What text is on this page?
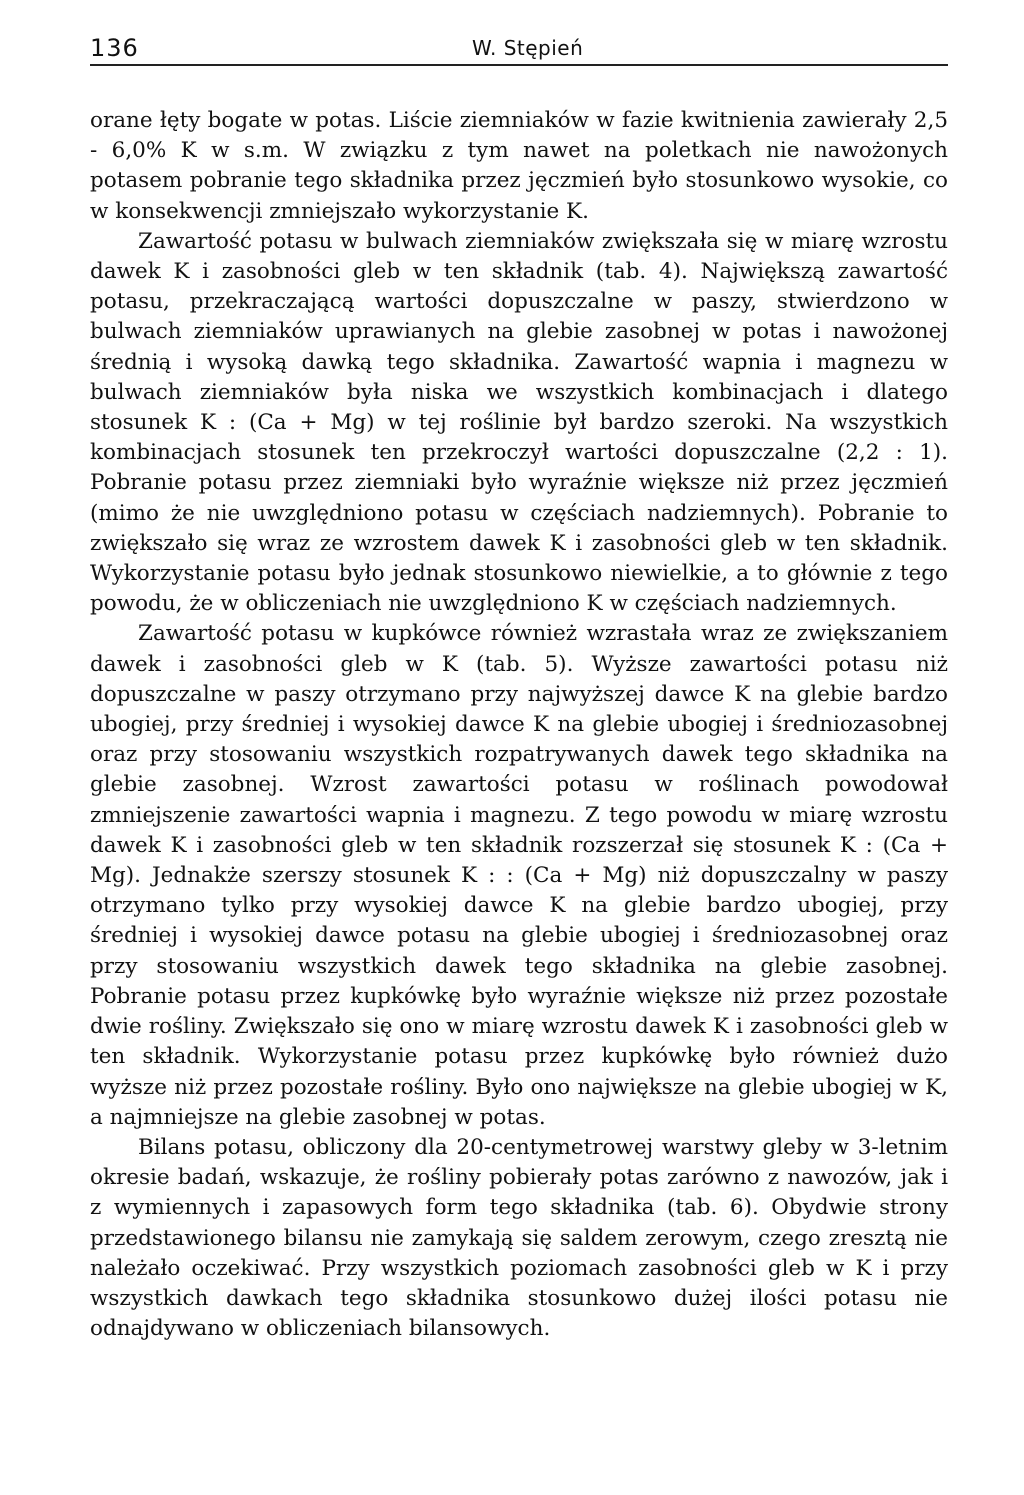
136	W. Stępień

orane łęty bogate w potas. Liście ziemniaków w fazie kwitnienia zawierały 2,5 - 6,0% K w s.m. W związku z tym nawet na poletkach nie nawożonych potasem pobranie tego składnika przez jęczmień było stosunkowo wysokie, co w konsekwencji zmniejszało wykorzystanie K.

Zawartość potasu w bulwach ziemniaków zwiększała się w miarę wzrostu dawek K i zasobności gleb w ten składnik (tab. 4). Największą zawartość potasu, przekraczającą wartości dopuszczalne w paszy, stwierdzono w bulwach ziemniaków uprawianych na glebie zasobnej w potas i nawożonej średnią i wysoką dawką tego składnika. Zawartość wapnia i magnezu w bulwach ziemniaków była niska we wszystkich kombinacjach i dlatego stosunek K : (Ca + Mg) w tej roślinie był bardzo szeroki. Na wszystkich kombinacjach stosunek ten przekroczył wartości dopuszczalne (2,2 : 1). Pobranie potasu przez ziemniaki było wyraźnie większe niż przez jęczmień (mimo że nie uwzględniono potasu w częściach nadziemnych). Pobranie to zwiększało się wraz ze wzrostem dawek K i zasobności gleb w ten składnik. Wykorzystanie potasu było jednak stosunkowo niewielkie, a to głównie z tego powodu, że w obliczeniach nie uwzględniono K w częściach nadziemnych.

Zawartość potasu w kupkówce również wzrastała wraz ze zwiększaniem dawek i zasobności gleb w K (tab. 5). Wyższe zawartości potasu niż dopuszczalne w paszy otrzymano przy najwyższej dawce K na glebie bardzo ubogiej, przy średniej i wysokiej dawce K na glebie ubogiej i średniozasobnej oraz przy stosowaniu wszystkich rozpatrywanych dawek tego składnika na glebie zasobnej. Wzrost zawartości potasu w roślinach powodował zmniejszenie zawartości wapnia i magnezu. Z tego powodu w miarę wzrostu dawek K i zasobności gleb w ten składnik rozszerzał się stosunek K : (Ca + Mg). Jednakże szerszy stosunek K : : (Ca + Mg) niż dopuszczalny w paszy otrzymano tylko przy wysokiej dawce K na glebie bardzo ubogiej, przy średniej i wysokiej dawce potasu na glebie ubogiej i średniozasobnej oraz przy stosowaniu wszystkich dawek tego składnika na glebie zasobnej. Pobranie potasu przez kupkówkę było wyraźnie większe niż przez pozostałe dwie rośliny. Zwiększało się ono w miarę wzrostu dawek K i zasobności gleb w ten składnik. Wykorzystanie potasu przez kupkówkę było również dużo wyższe niż przez pozostałe rośliny. Było ono największe na glebie ubogiej w K, a najmniejsze na glebie zasobnej w potas.

Bilans potasu, obliczony dla 20-centymetrowej warstwy gleby w 3-letnim okresie badań, wskazuje, że rośliny pobierały potas zarówno z nawozów, jak i z wymiennych i zapasowych form tego składnika (tab. 6). Obydwie strony przedstawionego bilansu nie zamykają się saldem zerowym, czego zresztą nie należało oczekiwać. Przy wszystkich poziomach zasobności gleb w K i przy wszystkich dawkach tego składnika stosunkowo dużej ilości potasu nie odnajdywano w obliczeniach bilansowych.
